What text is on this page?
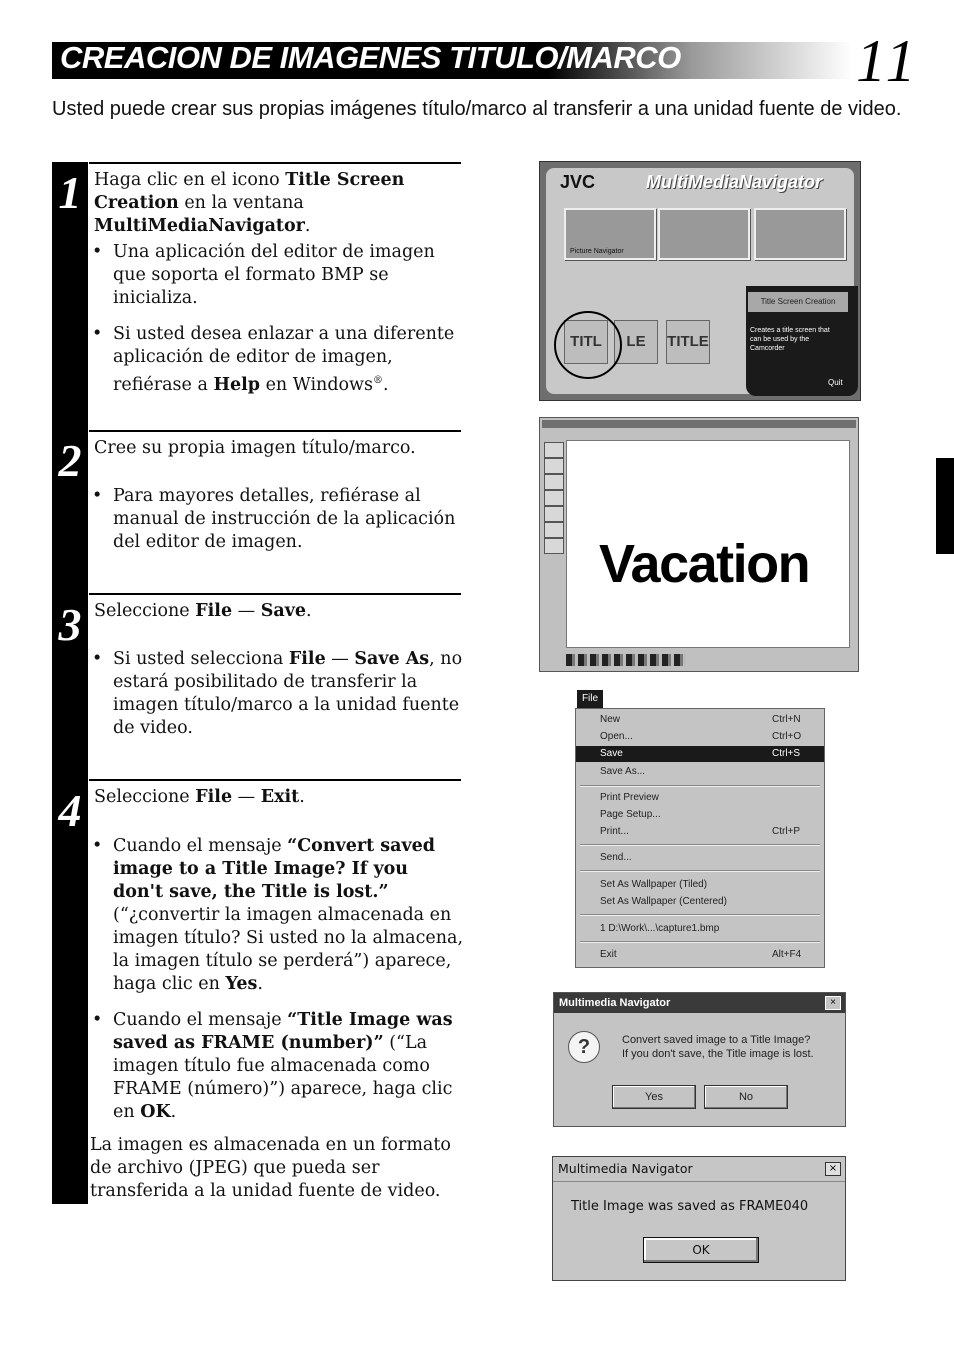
CREACION DE IMAGENES TITULO/MARCO	11
Usted puede crear sus propias imágenes título/marco al transferir a una unidad fuente de video.
1 Haga clic en el icono Title Screen Creation en la ventana MultiMediaNavigator.
• Una aplicación del editor de imagen que soporta el formato BMP se inicializa.
• Si usted desea enlazar a una diferente aplicación de editor de imagen, refiérase a Help en Windows®.
2 Cree su propia imagen título/marco.
• Para mayores detalles, refiérase al manual de instrucción de la aplicación del editor de imagen.
3 Seleccione File — Save.
• Si usted selecciona File — Save As, no estará posibilitado de transferir la imagen título/marco a la unidad fuente de video.
4 Seleccione File — Exit.
• Cuando el mensaje “Convert saved image to a Title Image? If you don't save, the Title is lost.” (“¿convertir la imagen almacenada en imagen título? Si usted no la almacena, la imagen título se perderá”) aparece, haga clic en Yes.
• Cuando el mensaje “Title Image was saved as FRAME (number)” (“La imagen título fue almacenada como FRAME (número)”) aparece, haga clic en OK.
La imagen es almacenada en un formato de archivo (JPEG) que pueda ser transferida a la unidad fuente de video.
JVC	MultiMediaNavigator
Picture Navigator
Title Screen Creation
Creates a title screen that can be used by the Camcorder
Quit
TITL	LE	TITLE
Vacation
File
New	Ctrl+N
Open...	Ctrl+O
Save	Ctrl+S
Save As...
Print Preview
Page Setup...
Print...	Ctrl+P
Send...
Set As Wallpaper (Tiled)
Set As Wallpaper (Centered)
1 D:\Work\...\capture1.bmp
Exit	Alt+F4
Multimedia Navigator	×
?	Convert saved image to a Title Image?
If you don't save, the Title image is lost.
Yes	No
Multimedia Navigator	×
Title Image was saved as FRAME040
OK
